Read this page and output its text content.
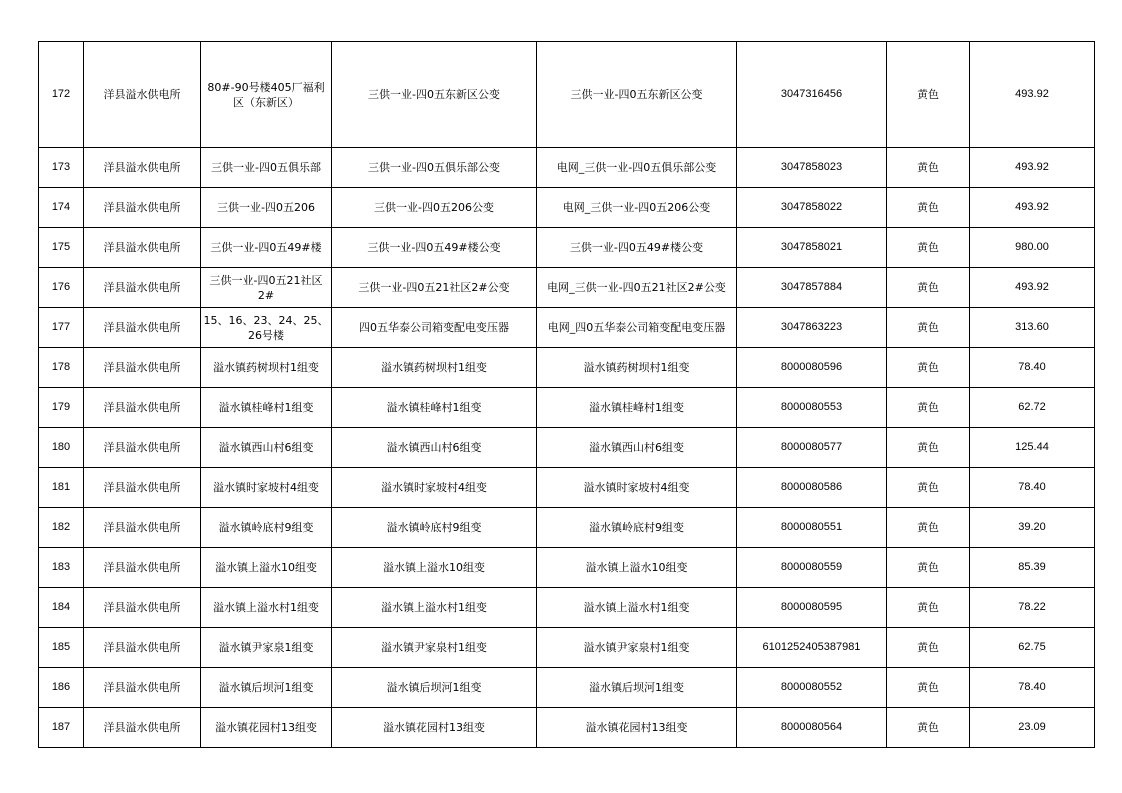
172	洋县溢水供电所	80#-90号楼405厂福利区（东新区）	三供一业-四0五东新区公变	三供一业-四0五东新区公变	3047316456	黄色	493.92
173	洋县溢水供电所	三供一业-四0五俱乐部	三供一业-四0五俱乐部公变	电网_三供一业-四0五俱乐部公变	3047858023	黄色	493.92
174	洋县溢水供电所	三供一业-四0五206	三供一业-四0五206公变	电网_三供一业-四0五206公变	3047858022	黄色	493.92
175	洋县溢水供电所	三供一业-四0五49#楼	三供一业-四0五49#楼公变	三供一业-四0五49#楼公变	3047858021	黄色	980.00
176	洋县溢水供电所	三供一业-四0五21社区2#	三供一业-四0五21社区2#公变	电网_三供一业-四0五21社区2#公变	3047857884	黄色	493.92
177	洋县溢水供电所	15、16、23、24、25、26号楼	四0五华泰公司箱变配电变压器	电网_四0五华泰公司箱变配电变压器	3047863223	黄色	313.60
178	洋县溢水供电所	溢水镇药树坝村1组变	溢水镇药树坝村1组变	溢水镇药树坝村1组变	8000080596	黄色	78.40
179	洋县溢水供电所	溢水镇桂峰村1组变	溢水镇桂峰村1组变	溢水镇桂峰村1组变	8000080553	黄色	62.72
180	洋县溢水供电所	溢水镇西山村6组变	溢水镇西山村6组变	溢水镇西山村6组变	8000080577	黄色	125.44
181	洋县溢水供电所	溢水镇时家坡村4组变	溢水镇时家坡村4组变	溢水镇时家坡村4组变	8000080586	黄色	78.40
182	洋县溢水供电所	溢水镇岭底村9组变	溢水镇岭底村9组变	溢水镇岭底村9组变	8000080551	黄色	39.20
183	洋县溢水供电所	溢水镇上溢水10组变	溢水镇上溢水10组变	溢水镇上溢水10组变	8000080559	黄色	85.39
184	洋县溢水供电所	溢水镇上溢水村1组变	溢水镇上溢水村1组变	溢水镇上溢水村1组变	8000080595	黄色	78.22
185	洋县溢水供电所	溢水镇尹家泉1组变	溢水镇尹家泉村1组变	溢水镇尹家泉村1组变	6101252405387981	黄色	62.75
186	洋县溢水供电所	溢水镇后坝河1组变	溢水镇后坝河1组变	溢水镇后坝河1组变	8000080552	黄色	78.40
187	洋县溢水供电所	溢水镇花园村13组变	溢水镇花园村13组变	溢水镇花园村13组变	8000080564	黄色	23.09
